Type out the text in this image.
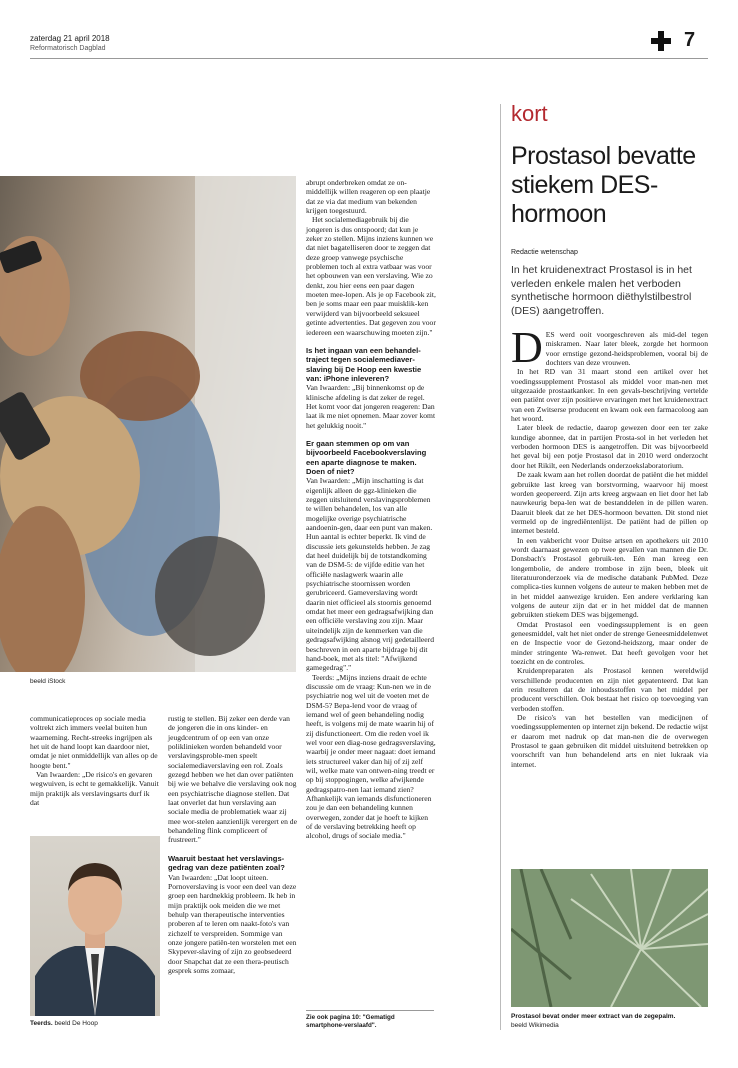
zaterdag 21 april 2018
Reformatorisch Dagblad	7
beeld iStock

communicatieproces op sociale media voltrekt zich immers veelal buiten hun waarneming. Recht-streeks ingrijpen als het uit de hand loopt kan daardoor niet, omdat je niet onmiddellijk van alles op de hoogte bent."

Van Iwaarden: „De risico's en gevaren wegwuiven, is echt te gemakkelijk. Vanuit mijn praktijk als verslavingsarts durf ik dat

Teerds. beeld De Hoop

rustig te stellen. Bij zeker een derde van de jongeren die in ons kinder- en jeugdcentrum of op een van onze poliklinieken worden behandeld voor verslavingsproble-men speelt socialemediaverslaving een rol. Zoals gezegd hebben we het dan over patiënten bij wie we behalve die verslaving ook nog een psychiatrische diagnose stellen. Dat laat onverlet dat hun verslaving aan sociale media de problematiek waar zij mee wor-stelen aanzienlijk verergert en de behandeling flink compliceert of frustreert."

Waaruit bestaat het verslavings-gedrag van deze patiënten zoal?

Van Iwaarden: „Dat loopt uiteen. Pornoverslaving is voor een deel van deze groep een hardnekkig probleem. Ik heb in mijn praktijk ook meiden die we met behulp van therapeutische interventies proberen af te leren om naakt-foto's van zichzelf te verspreiden. Sommige van onze jongere patiën-ten worstelen met een Skypever-slaving of zijn zo geobsedeerd door Snapchat dat ze een thera-peutisch gesprek soms zomaar,

abrupt onderbreken omdat ze on-middellijk willen reageren op een plaatje dat ze via dat medium van bekenden krijgen toegestuurd.

Het socialemediagebruik bij die jongeren is dus ontspoord; dat kun je zeker zo stellen. Mijns inziens kunnen we dat niet bagatelliseren door te zeggen dat deze groep vanwege psychische problemen toch al extra vatbaar was voor het opbouwen van een verslaving. Wie zo denkt, zou hier eens een paar dagen moeten mee-lopen. Als je op Facebook zit, ben je soms maar een paar muisklik-ken verwijderd van bijvoorbeeld seksueel getinte advertenties. Dat gegeven zou voor iedereen een waarschuwing moeten zijn."

Is het ingaan van een behandel-traject tegen socialemediaver-slaving bij De Hoop een kwestie van: iPhone inleveren?

Van Iwaarden: „Bij binnenkomst op de klinische afdeling is dat zeker de regel. Het komt voor dat jongeren reageren: Dan laat ik me niet opnemen. Maar zover komt het gelukkig nooit."

Er gaan stemmen op om van bijvoorbeeld Facebookverslaving een aparte diagnose te maken. Doen of niet?

Van Iwaarden: „Mijn inschatting is dat eigenlijk alleen de ggz-klinieken die zeggen uitsluitend verslavingsproblemen te willen behandelen, los van alle mogelijke overige psychiatrische aandoenin-gen, daar een punt van maken. Hun aantal is echter beperkt. Ik vind de discussie iets gekunstelds hebben. Je zag dat heel duidelijk bij de totstandkoming van de DSM-5: de vijfde editie van het officiële naslagwerk waarin alle psychiatrische stoornissen worden gerubriceerd. Gameverslaving wordt daarin niet officieel als stoornis genoemd omdat het meer een gedragsafwijking dan een officiële verslaving zou zijn. Maar uiteindelijk zijn de kenmerken van die gedragsafwijking alsnog vrij gedetailleerd beschreven in een aparte bijdrage bij dit hand-boek, met als titel: "Afwijkend gamegedrag"."

Teerds: „Mijns inziens draait de echte discussie om de vraag: Kun-nen we in de psychiatrie nog wel uit de voeten met de DSM-5? Bepa-lend voor de vraag of iemand wel of geen behandeling nodig heeft, is volgens mij de mate waarin hij of zij disfunctioneert. Om die reden voel ik wel voor een diag-nose gedragsverslaving, waarbij je onder meer nagaat: doet iemand iets structureel vaker dan hij of zij zelf wil, welke mate van ontwen-ning treedt er op bij stoppogingen, welke afwijkende gedragspatro-nen laat iemand zien? Afhankelijk van iemands disfunctioneren zou je dan een behandeling kunnen overwegen, zonder dat je hoeft te kijken of de verslaving betrekking heeft op alcohol, drugs of sociale media."

Zie ook pagina 10: "Gematigd smartphone-verslaafd".
kort
Prostasol bevatte stiekem DES-hormoon
Redactie wetenschap
In het kruidenextract Prostasol is in het verleden enkele malen het verboden synthetische hormoon diëthylstilbestrol (DES) aangetroffen.

DES werd ooit voorgeschreven als mid-del tegen miskramen. Naar later bleek, zorgde het hormoon voor ernstige gezond-heidsproblemen, vooral bij de dochters van deze vrouwen.

In het RD van 31 maart stond een artikel over het voedingssupplement Prostasol als middel voor man-nen met uitgezaaide prostaatkanker. In een gevals-beschrijving vertelde een patiënt over zijn positieve ervaringen met het kruidenextract van een Zwitserse producent en kwam ook een farmacoloog aan het woord.

Later bleek de redactie, daarop gewezen door een ter zake kundige abonnee, dat in partijen Prosta-sol in het verleden het verboden hormoon DES is aangetroffen. Dit was bijvoorbeeld het geval bij een potje Prostasol dat in 2010 werd onderzocht door het Rikilt, een Nederlands onderzoekslaboratorium.

De zaak kwam aan het rollen doordat de patiënt die het middel gebruikte last kreeg van borstvorming, waarvoor hij moest worden geopereerd. Zijn arts kreeg argwaan en liet door het lab nauwkeurig bepa-len wat de bestanddelen in de pillen waren. Daaruit bleek dat ze het DES-hormoon bevatten. Dit stond niet vermeld op de ingrediëntenlijst. De patiënt had de pillen op internet besteld.

In een vakbericht voor Duitse artsen en apothekers uit 2010 wordt daarnaast gewezen op twee gevallen van mannen die Dr. Donsbach's Prostasol gebruik-ten. Eén man kreeg een longembolie, de andere trombose in zijn been, bleek uit literatuuronderzoek via de medische databank PubMed. Deze complica-ties kunnen volgens de auteur te maken hebben met de in het middel aanwezige kruiden. Een andere verklaring kan volgens de auteur zijn dat er in het middel dat de mannen gebruikten stiekem DES was bijgemengd.

Omdat Prostasol een voedingssupplement is en geen geneesmiddel, valt het niet onder de strenge Geneesmiddelenwet en de Inspectie voor de Gezond-heidszorg, maar onder de minder stringente Wa-renwet. Dat heeft gevolgen voor het toezicht en de controles.

Kruidenpreparaten als Prostasol kennen wereldwijd verschillende producenten en zijn niet gepatenteerd. Dat kan erin resulteren dat de inhoudsstoffen van het middel per producent verschillen. Ook bestaat het risico op toevoeging van verboden stoffen.

De risico's van het bestellen van medicijnen of voedingssupplementen op internet zijn bekend. De redactie wijst er daarom met nadruk op dat man-nen die de overwegen Prostasol te gaan gebruiken dit middel uitsluitend betrekken op voorschrift van hun behandelend arts en niet lukraak via internet.

Prostasol bevat onder meer extract van de zegepalm.
beeld Wikimedia
